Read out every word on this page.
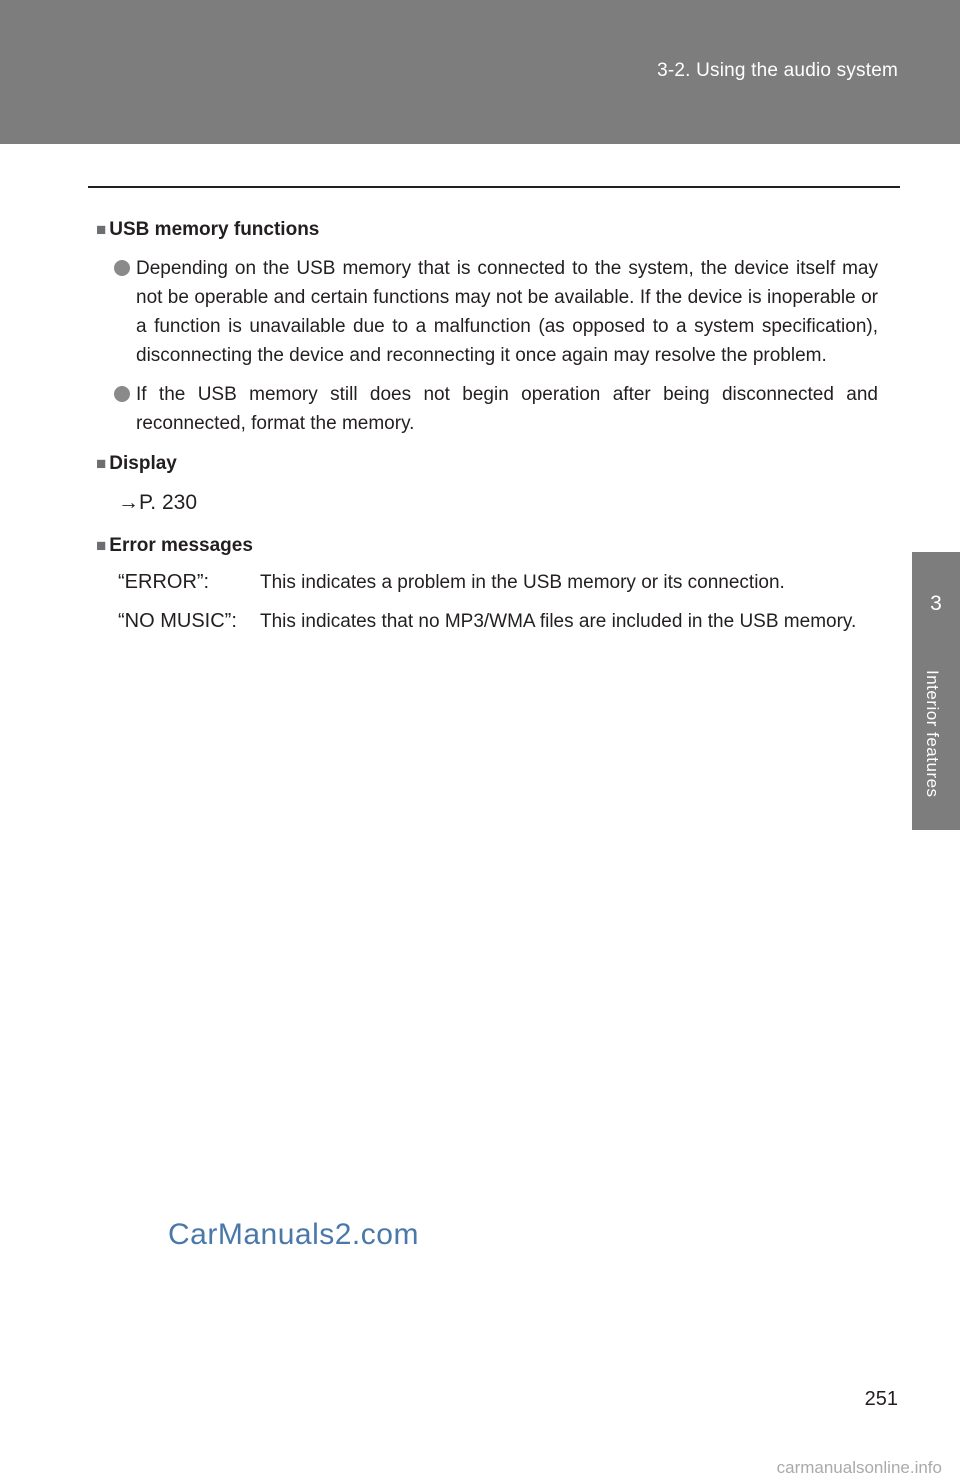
3-2. Using the audio system
3
Interior features

■ USB memory functions

Depending on the USB memory that is connected to the system, the device itself may not be operable and certain functions may not be available. If the device is inoperable or a function is unavailable due to a malfunction (as opposed to a system specification), disconnecting the device and reconnecting it once again may resolve the problem.
If the USB memory still does not begin operation after being disconnected and reconnected, format the memory.

■ Display

→P. 230

■ Error messages

“ERROR”:	This indicates a problem in the USB memory or its connection.
“NO MUSIC”:	This indicates that no MP3/WMA files are included in the USB memory.
CarManuals2.com
251
carmanualsonline.info
